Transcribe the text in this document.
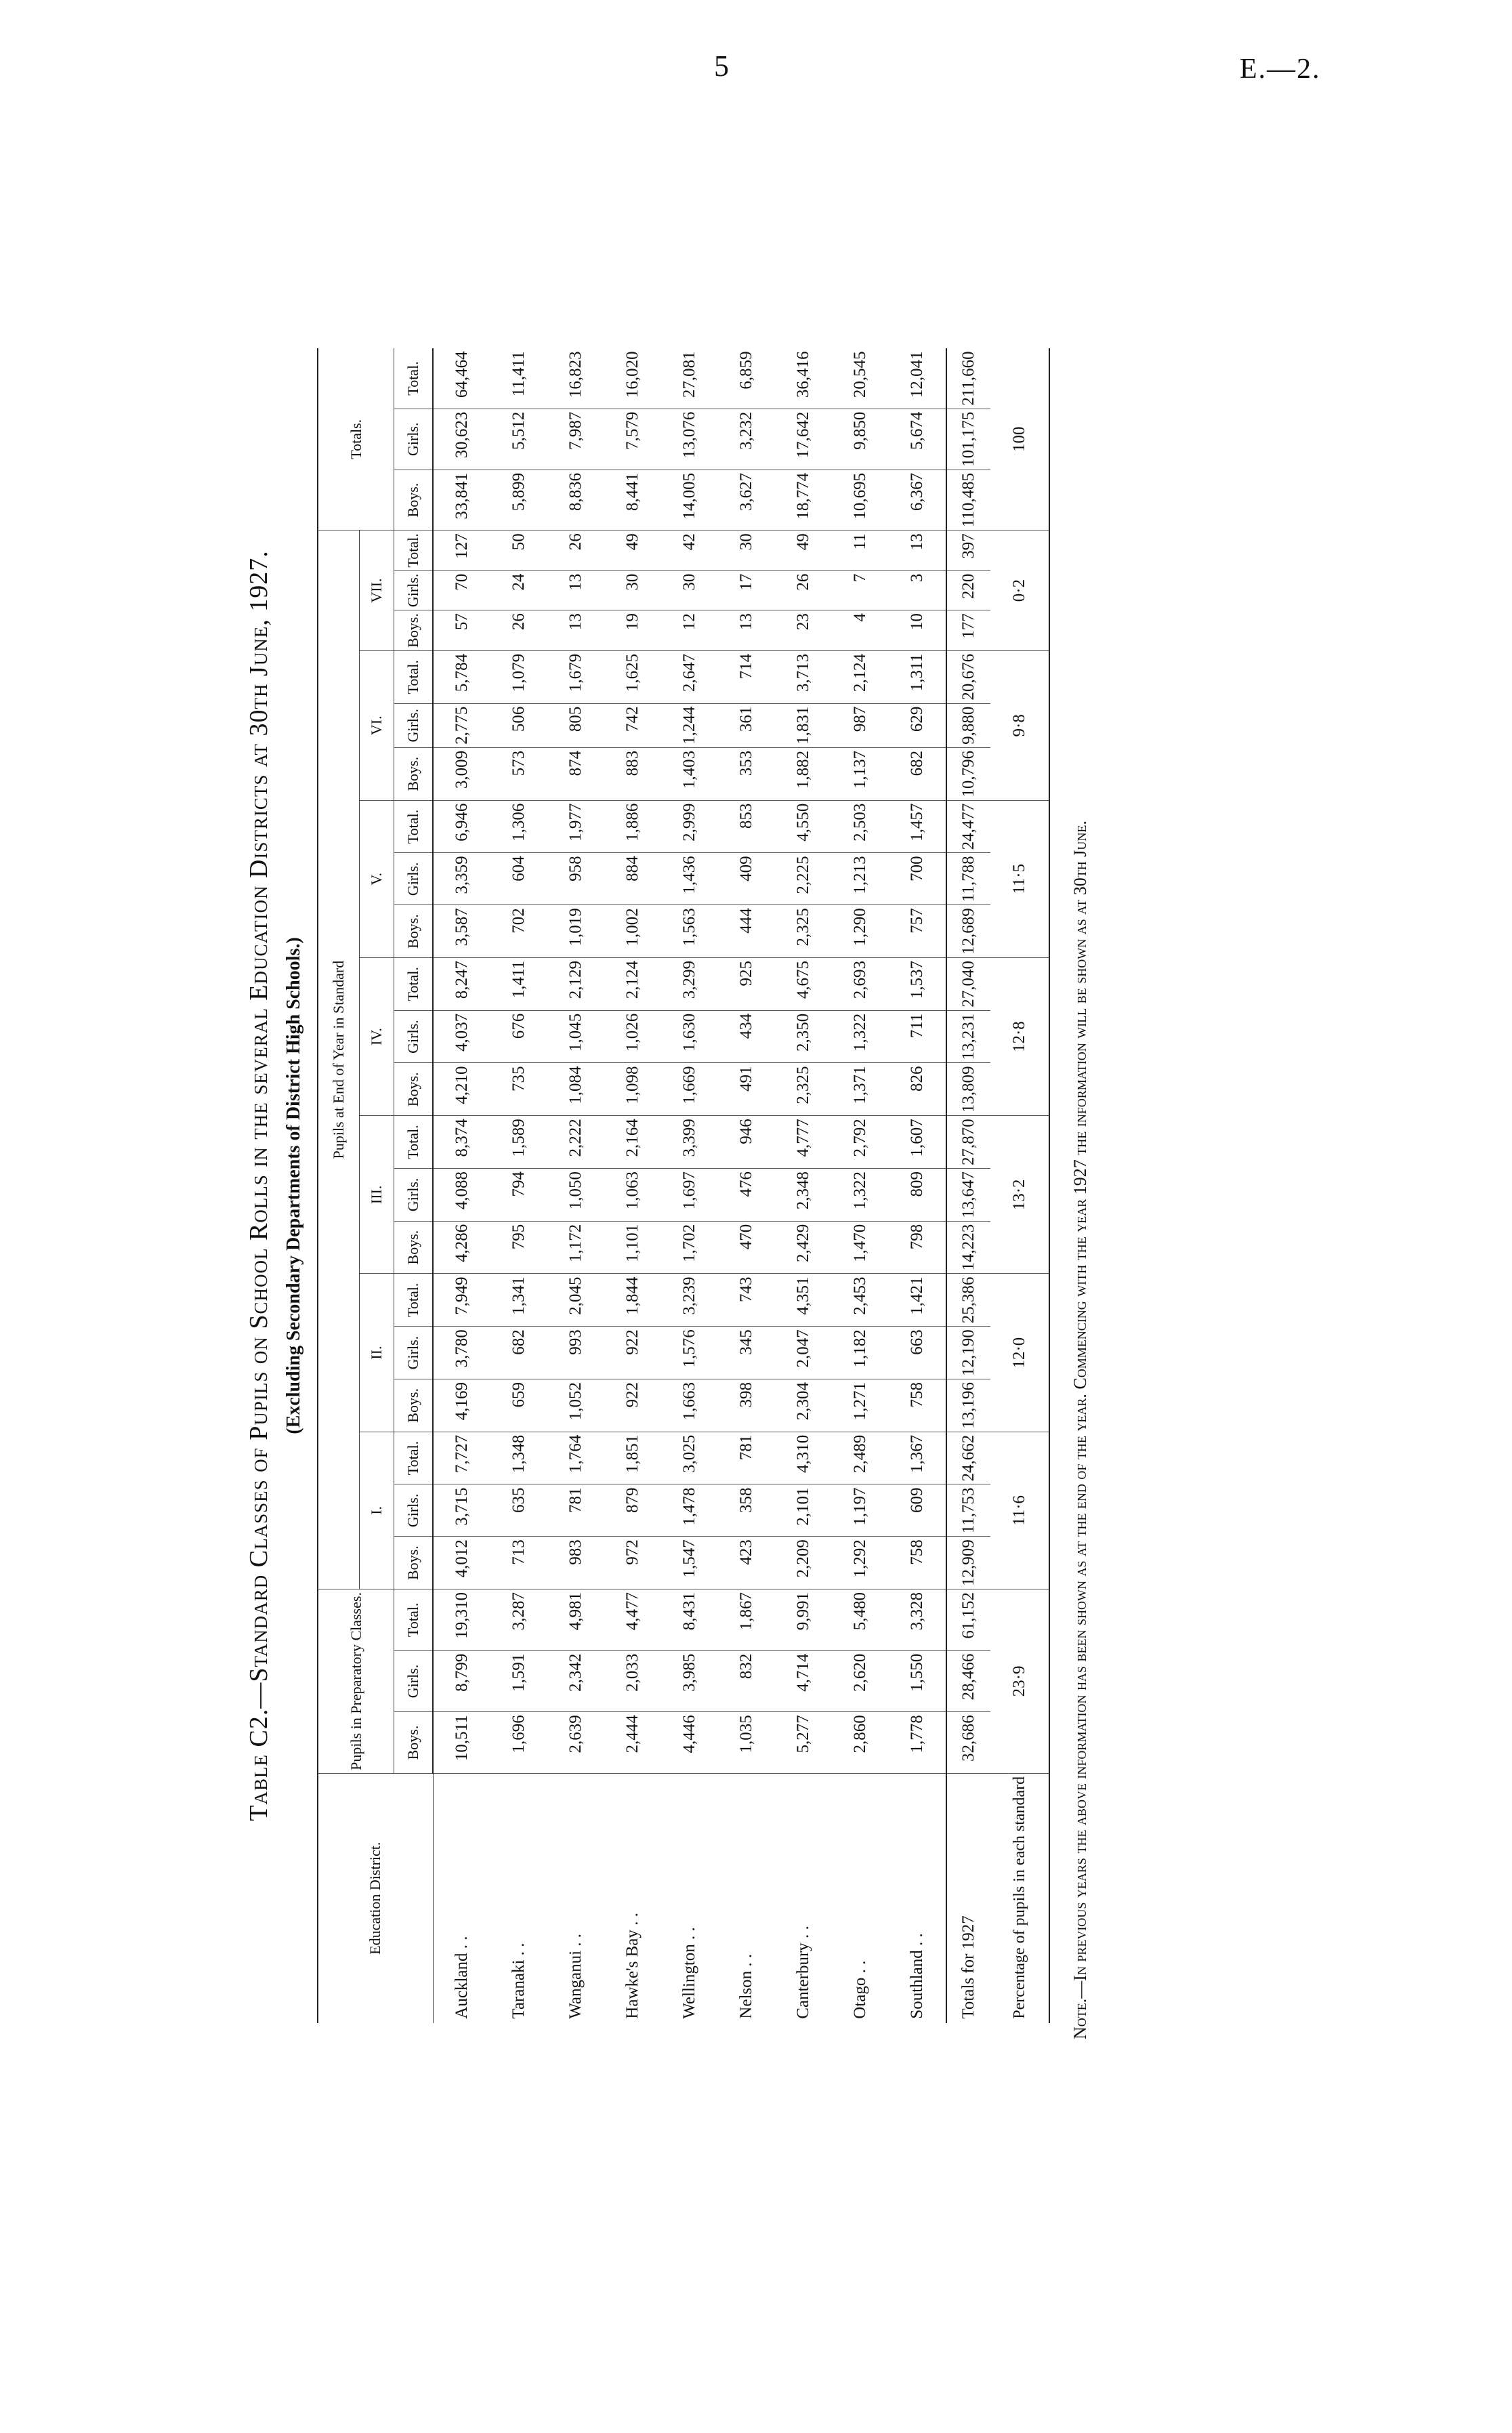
5	E.—2.
Table C2.—Standard Classes of Pupils on School Rolls in the several Education Districts at 30th June, 1927. (Excluding Secondary Departments of District High Schools.)
Education District.	Pupils in Preparatory Classes.			Pupils at End of Year in Standard																					Totals.		
				I.			II.			III.			IV.			V.			VI.			VII.					
	Boys.	Girls.	Total.	Boys.	Girls.	Total.	Boys.	Girls.	Total.	Boys.	Girls.	Total.	Boys.	Girls.	Total.	Boys.	Girls.	Total.	Boys.	Girls.	Total.	Boys.	Girls.	Total.	Boys.	Girls.	Total.
Auckland . .	10,511	8,799	19,310	4,012	3,715	7,727	4,169	3,780	7,949	4,286	4,088	8,374	4,210	4,037	8,247	3,587	3,359	6,946	3,009	2,775	5,784	57	70	127	33,841	30,623	64,464
Taranaki . .	1,696	1,591	3,287	713	635	1,348	659	682	1,341	795	794	1,589	735	676	1,411	702	604	1,306	573	506	1,079	26	24	50	5,899	5,512	11,411
Wanganui . .	2,639	2,342	4,981	983	781	1,764	1,052	993	2,045	1,172	1,050	2,222	1,084	1,045	2,129	1,019	958	1,977	874	805	1,679	13	13	26	8,836	7,987	16,823
Hawke's Bay . .	2,444	2,033	4,477	972	879	1,851	922	922	1,844	1,101	1,063	2,164	1,098	1,026	2,124	1,002	884	1,886	883	742	1,625	19	30	49	8,441	7,579	16,020
Wellington . .	4,446	3,985	8,431	1,547	1,478	3,025	1,663	1,576	3,239	1,702	1,697	3,399	1,669	1,630	3,299	1,563	1,436	2,999	1,403	1,244	2,647	12	30	42	14,005	13,076	27,081
Nelson . .	1,035	832	1,867	423	358	781	398	345	743	470	476	946	491	434	925	444	409	853	353	361	714	13	17	30	3,627	3,232	6,859
Canterbury . .	5,277	4,714	9,991	2,209	2,101	4,310	2,304	2,047	4,351	2,429	2,348	4,777	2,325	2,350	4,675	2,325	2,225	4,550	1,882	1,831	3,713	23	26	49	18,774	17,642	36,416
Otago . .	2,860	2,620	5,480	1,292	1,197	2,489	1,271	1,182	2,453	1,470	1,322	2,792	1,371	1,322	2,693	1,290	1,213	2,503	1,137	987	2,124	4	7	11	10,695	9,850	20,545
Southland . .	1,778	1,550	3,328	758	609	1,367	758	663	1,421	798	809	1,607	826	711	1,537	757	700	1,457	682	629	1,311	10	3	13	6,367	5,674	12,041
Totals for 1927	32,686	28,466	61,152	12,909	11,753	24,662	13,196	12,190	25,386	14,223	13,647	27,870	13,809	13,231	27,040	12,689	11,788	24,477	10,796	9,880	20,676	177	220	397	110,485	101,175	211,660
Percentage of pupils in each standard	23·9			11·6			12·0			13·2			12·8			11·5			9·8			0·2			100		
Note.—In previous years the above information has been shown as at the end of the year. Commencing with the year 1927 the information will be shown as at 30th June.
